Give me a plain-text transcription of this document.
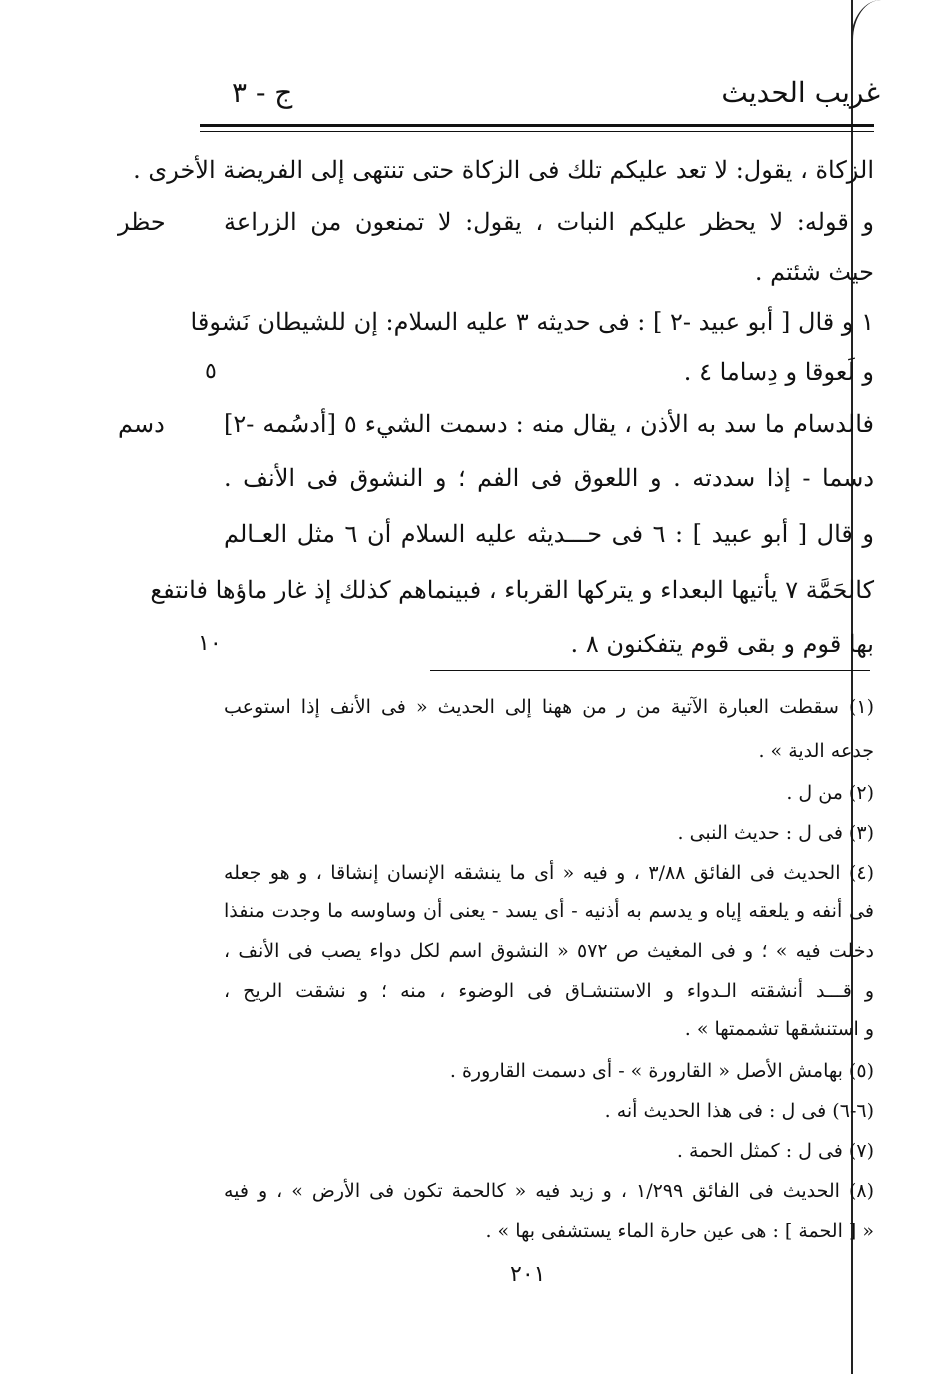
غريب الحديث
ج - ٣
الزكاة ، يقول: لا تعد عليكم تلك فى الزكاة حتى تنتهى إلى الفريضة الأخرى .
و قوله: لا يحظر عليكم النبات ، يقول: لا تمنعون من الزراعة
حيث شئتم .
١ و قال [ أبو عبيد -٢ ] : فى حديثه ٣ عليه السلام: إن للشيطان نَشوقا
و لَعوقا و دِساما ٤ .
فالدسام ما سد به الأذن ، يقال منه : دسمت الشيء ٥ [أدسُمه -٢]
دسما - إذا سددته . و اللعوق فى الفم ؛ و النشوق فى الأنف .
و قال [ أبو عبيد ] : ٦ فى حـــديثه عليه السلام أن ٦ مثل العـالم
كالحَمَّة ٧ يأتيها البعداء و يتركها القرباء ، فبينماهم كذلك إذ غار ماؤها فانتفع
بها قوم و بقى قوم يتفكنون ٨ .
حظر
دسم
٥
١٠
(١) سقطت العبارة الآتية من ر من ههنا إلى الحديث « فى الأنف إذا استوعب
جدعه الدية » .
(٢) من ل .
(٣) فى ل : حديث النبى .
(٤) الحديث فى الفائق ٣/٨٨ ، و فيه « أى ما ينشقه الإنسان إنشاقا ، و هو جعله
فى أنفه و يلعقه إياه و يدسم به أذنيه - أى يسد - يعنى أن وساوسه ما وجدت منفذا
دخلت فيه » ؛ و فى المغيث ص ٥٧٢ « النشوق اسم لكل دواء يصب فى الأنف ،
و قـــد أنشقته الـدواء و الاستنشـاق فى الوضوء ، منه ؛ و نشقت الريح ،
و استنشقها تشممتها » .
(٥) بهامش الأصل « القارورة » - أى دسمت القارورة .
(٦-٦) فى ل : فى هذا الحديث أنه .
(٧) فى ل : كمثل الحمة .
(٨) الحديث فى الفائق ١/٢٩٩ ، و زيد فيه « كالحمة تكون فى الأرض » ، و فيه
« [ الحمة ] : هى عين حارة الماء يستشفى بها » .
٢٠١
